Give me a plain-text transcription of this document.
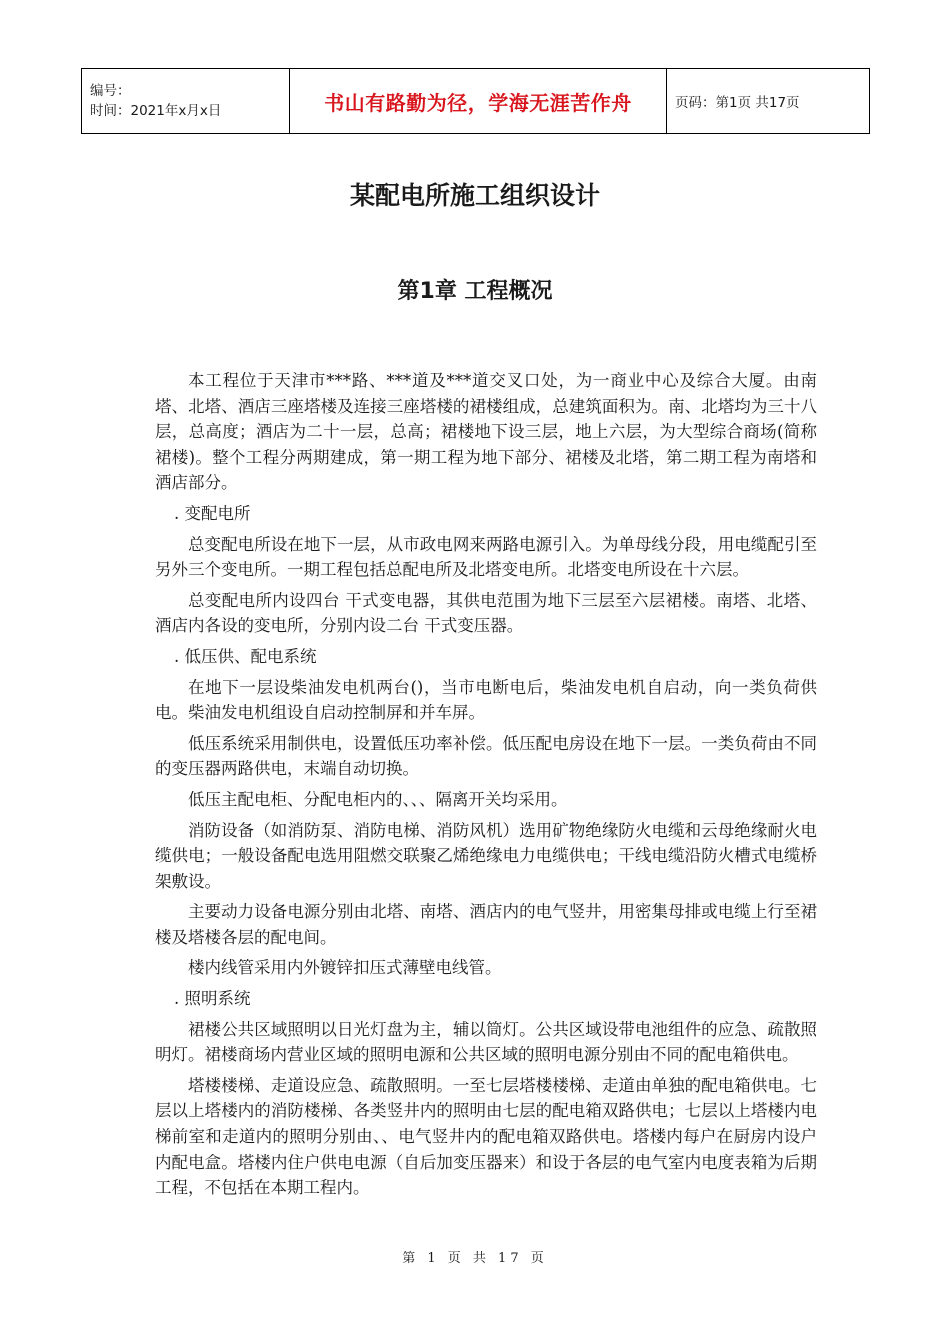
编号：
时间：2021年x月x日	书山有路勤为径，学海无涯苦作舟	页码：第1页 共17页
某配电所施工组织设计
第1章 工程概况

本工程位于天津市***路、***道及***道交叉口处，为一商业中心及综合大厦。由南塔、北塔、酒店三座塔楼及连接三座塔楼的裙楼组成，总建筑面积为。南、北塔均为三十八层，总高度；酒店为二十一层，总高；裙楼地下设三层，地上六层，为大型综合商场(简称裙楼)。整个工程分两期建成，第一期工程为地下部分、裙楼及北塔，第二期工程为南塔和酒店部分。

. 变配电所

总变配电所设在地下一层，从市政电网来两路电源引入。为单母线分段，用电缆配引至另外三个变电所。一期工程包括总配电所及北塔变电所。北塔变电所设在十六层。

总变配电所内设四台 干式变电器，其供电范围为地下三层至六层裙楼。南塔、北塔、酒店内各设的变电所，分别内设二台 干式变压器。

. 低压供、配电系统

在地下一层设柴油发电机两台()，当市电断电后，柴油发电机自启动，向一类负荷供电。柴油发电机组设自启动控制屏和并车屏。

低压系统采用制供电，设置低压功率补偿。低压配电房设在地下一层。一类负荷由不同的变压器两路供电，末端自动切换。

低压主配电柜、分配电柜内的、、、隔离开关均采用。

消防设备（如消防泵、消防电梯、消防风机）选用矿物绝缘防火电缆和云母绝缘耐火电缆供电；一般设备配电选用阻燃交联聚乙烯绝缘电力电缆供电；干线电缆沿防火槽式电缆桥架敷设。

主要动力设备电源分别由北塔、南塔、酒店内的电气竖井，用密集母排或电缆上行至裙楼及塔楼各层的配电间。

楼内线管采用内外镀锌扣压式薄壁电线管。

. 照明系统

裙楼公共区域照明以日光灯盘为主，辅以筒灯。公共区域设带电池组件的应急、疏散照明灯。裙楼商场内营业区域的照明电源和公共区域的照明电源分别由不同的配电箱供电。

塔楼楼梯、走道设应急、疏散照明。一至七层塔楼楼梯、走道由单独的配电箱供电。七层以上塔楼内的消防楼梯、各类竖井内的照明由七层的配电箱双路供电；七层以上塔楼内电梯前室和走道内的照明分别由、、电气竖井内的配电箱双路供电。塔楼内每户在厨房内设户内配电盒。塔楼内住户供电电源（自后加变压器来）和设于各层的电气室内电度表箱为后期工程，不包括在本期工程内。

第 1 页 共 17 页
